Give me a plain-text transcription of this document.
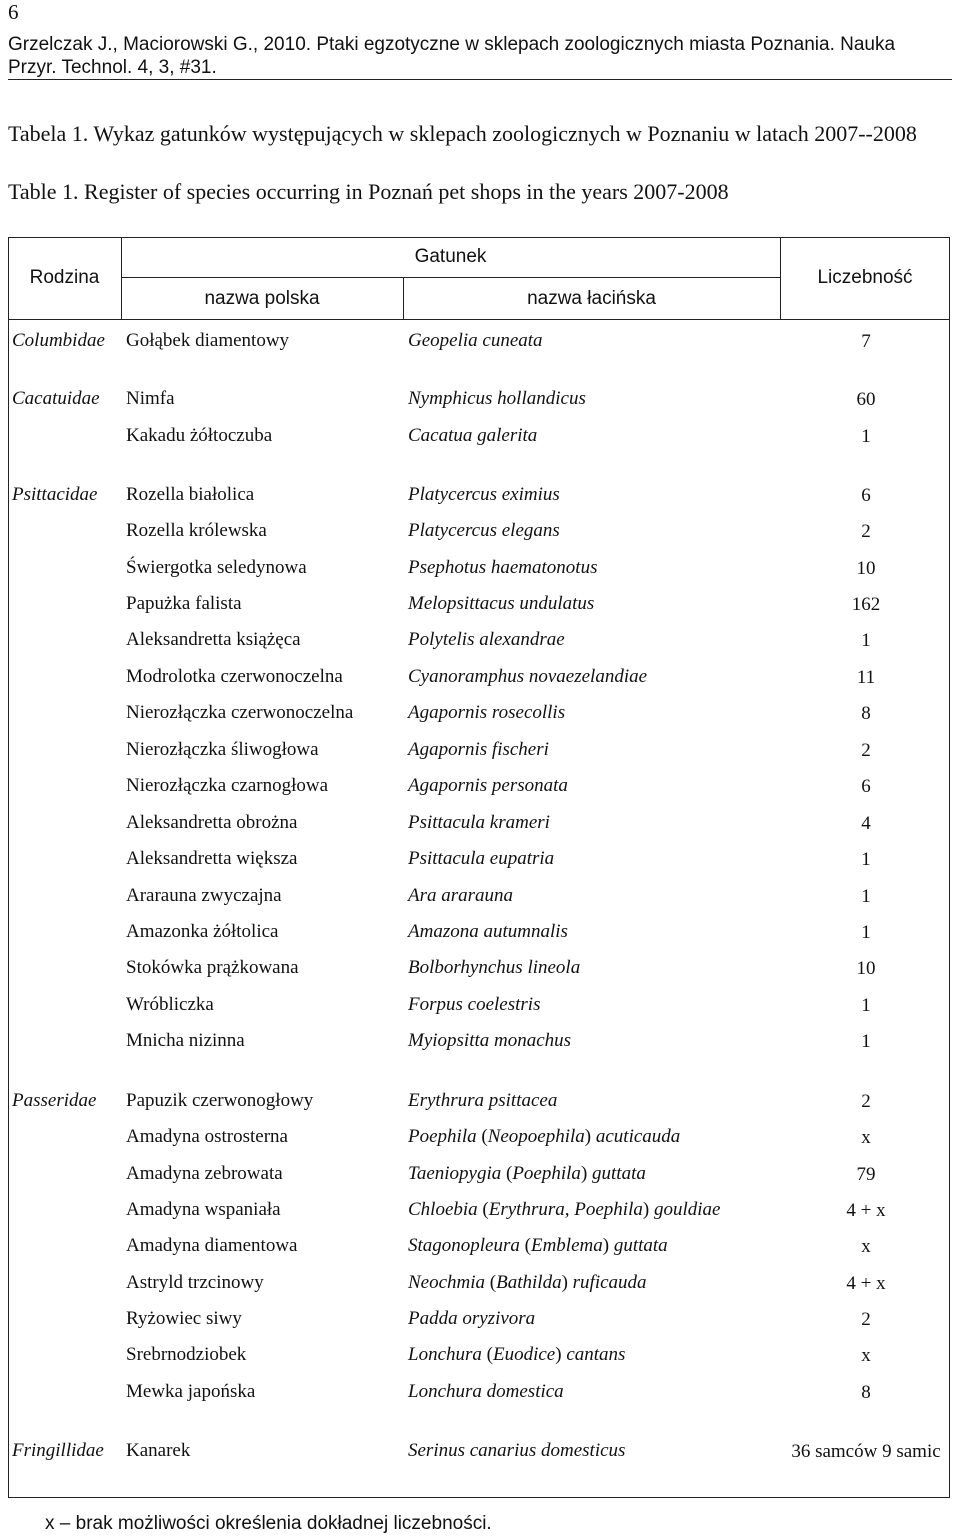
6
Grzelczak J., Maciorowski G., 2010. Ptaki egzotyczne w sklepach zoologicznych miasta Poznania. Nauka Przyr. Technol. 4, 3, #31.
Tabela 1. Wykaz gatunków występujących w sklepach zoologicznych w Poznaniu w latach 2007--2008
Table 1. Register of species occurring in Poznań pet shops in the years 2007-2008
Rodzina
Gatunek
nazwa polska	nazwa łacińska
Liczebność
Columbidae Gołąbek diamentowy	Geopelia cuneata	7
Cacatuidae Nimfa	Nymphicus hollandicus	60
Kakadu żółtoczuba	Cacatua galerita	1
Psittacidae Rozella białolica	Platycercus eximius	6
Rozella królewska	Platycercus elegans	2
Świergotka seledynowa	Psephotus haematonotus	10
Papużka falista	Melopsittacus undulatus	162
Aleksandretta książęca	Polytelis alexandrae	1
Modrolotka czerwonoczelna	Cyanoramphus novaezelandiae	11
Nierozłączka czerwonoczelna	Agapornis rosecollis	8
Nierozłączka śliwogłowa	Agapornis fischeri	2
Nierozłączka czarnogłowa	Agapornis personata	6
Aleksandretta obrożna	Psittacula krameri	4
Aleksandretta większa	Psittacula eupatria	1
Ararauna zwyczajna	Ara ararauna	1
Amazonka żółtolica	Amazona autumnalis	1
Stokówka prążkowana	Bolborhynchus lineola	10
Wróbliczka	Forpus coelestris	1
Mnicha nizinna	Myiopsitta monachus	1
Passeridae Papuzik czerwonogłowy	Erythrura psittacea	2
Amadyna ostrosterna	Poephila (Neopoephila) acuticauda	x
Amadyna zebrowata	Taeniopygia (Poephila) guttata	79
Amadyna wspaniała	Chloebia (Erythrura, Poephila) gouldiae	4 + x
Amadyna diamentowa	Stagonopleura (Emblema) guttata	x
Astryld trzcinowy	Neochmia (Bathilda) ruficauda	4 + x
Ryżowiec siwy	Padda oryzivora	2
Srebrnodziobek	Lonchura (Euodice) cantans	x
Mewka japońska	Lonchura domestica	8
Fringillidae Kanarek	Serinus canarius domesticus	36 samców 9 samic
x – brak możliwości określenia dokładnej liczebności.
